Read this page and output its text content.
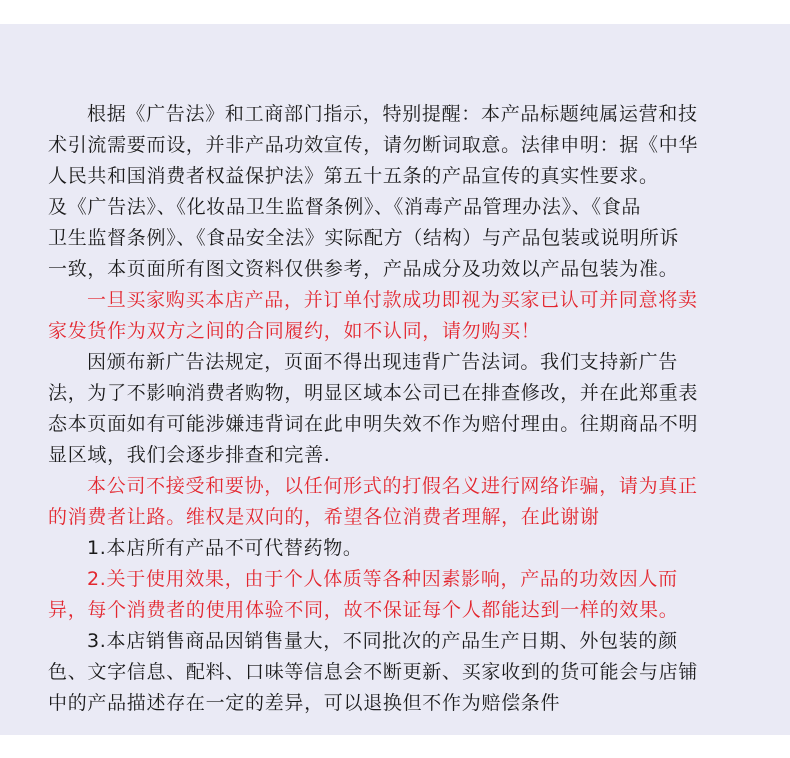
根据《广告法》和工商部门指示，特别提醒：本产品标题纯属运营和技
术引流需要而设，并非产品功效宣传，请勿断词取意。法律申明：据《中华
人民共和国消费者权益保护法》第五十五条的产品宣传的真实性要求。
及《广告法》、《化妆品卫生监督条例》、《消毒产品管理办法》、《食品
卫生监督条例》、《食品安全法》实际配方（结构）与产品包装或说明所诉
一致，本页面所有图文资料仅供参考，产品成分及功效以产品包装为准。
一旦买家购买本店产品，并订单付款成功即视为买家已认可并同意将卖
家发货作为双方之间的合同履约，如不认同，请勿购买！
因颁布新广告法规定，页面不得出现违背广告法词。我们支持新广告
法，为了不影响消费者购物，明显区域本公司已在排查修改，并在此郑重表
态本页面如有可能涉嫌违背词在此申明失效不作为赔付理由。往期商品不明
显区域，我们会逐步排查和完善.
本公司不接受和要协，以任何形式的打假名义进行网络诈骗，请为真正
的消费者让路。维权是双向的，希望各位消费者理解，在此谢谢
1.本店所有产品不可代替药物。
2.关于使用效果，由于个人体质等各种因素影响，产品的功效因人而
异，每个消费者的使用体验不同，故不保证每个人都能达到一样的效果。
3.本店销售商品因销售量大，不同批次的产品生产日期、外包装的颜
色、文字信息、配料、口味等信息会不断更新、买家收到的货可能会与店铺
中的产品描述存在一定的差异，可以退换但不作为赔偿条件
